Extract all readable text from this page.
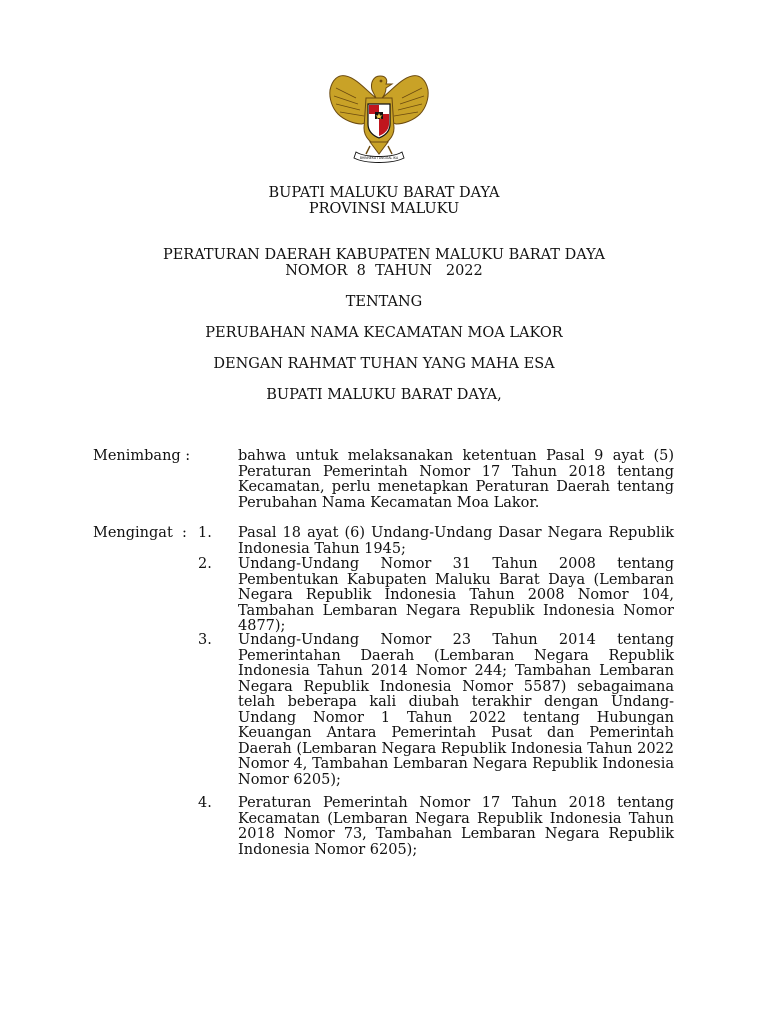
BHINNEKA TUNGGAL IKA
BUPATI MALUKU BARAT DAYA
PROVINSI MALUKU
PERATURAN DAERAH KABUPATEN MALUKU BARAT DAYA
NOMOR  8  TAHUN   2022
TENTANG
PERUBAHAN NAMA KECAMATAN MOA LAKOR
DENGAN RAHMAT TUHAN YANG MAHA ESA
BUPATI MALUKU BARAT DAYA,
Menimbang :	bahwa untuk melaksanakan ketentuan Pasal 9 ayat (5) Peraturan Pemerintah Nomor 17 Tahun 2018 tentang Kecamatan, perlu menetapkan Peraturan Daerah tentang Perubahan Nama Kecamatan Moa Lakor.
Mengingat  : 1. Pasal 18 ayat (6) Undang-Undang Dasar Negara Republik Indonesia Tahun 1945;
2. Undang-Undang Nomor 31 Tahun 2008 tentang Pembentukan Kabupaten Maluku Barat Daya (Lembaran Negara Republik Indonesia Tahun 2008 Nomor 104, Tambahan Lembaran Negara Republik Indonesia Nomor 4877);
3. Undang-Undang Nomor 23 Tahun 2014 tentang Pemerintahan Daerah (Lembaran Negara Republik Indonesia Tahun 2014 Nomor 244; Tambahan Lembaran Negara Republik Indonesia Nomor 5587) sebagaimana telah beberapa kali diubah terakhir dengan Undang-Undang Nomor 1 Tahun 2022 tentang Hubungan Keuangan Antara Pemerintah Pusat dan Pemerintah Daerah (Lembaran Negara Republik Indonesia Tahun 2022 Nomor 4, Tambahan Lembaran Negara Republik Indonesia Nomor 6205);
4. Peraturan Pemerintah Nomor 17 Tahun 2018 tentang Kecamatan (Lembaran Negara Republik Indonesia Tahun 2018 Nomor 73, Tambahan Lembaran Negara Republik Indonesia Nomor 6205);
